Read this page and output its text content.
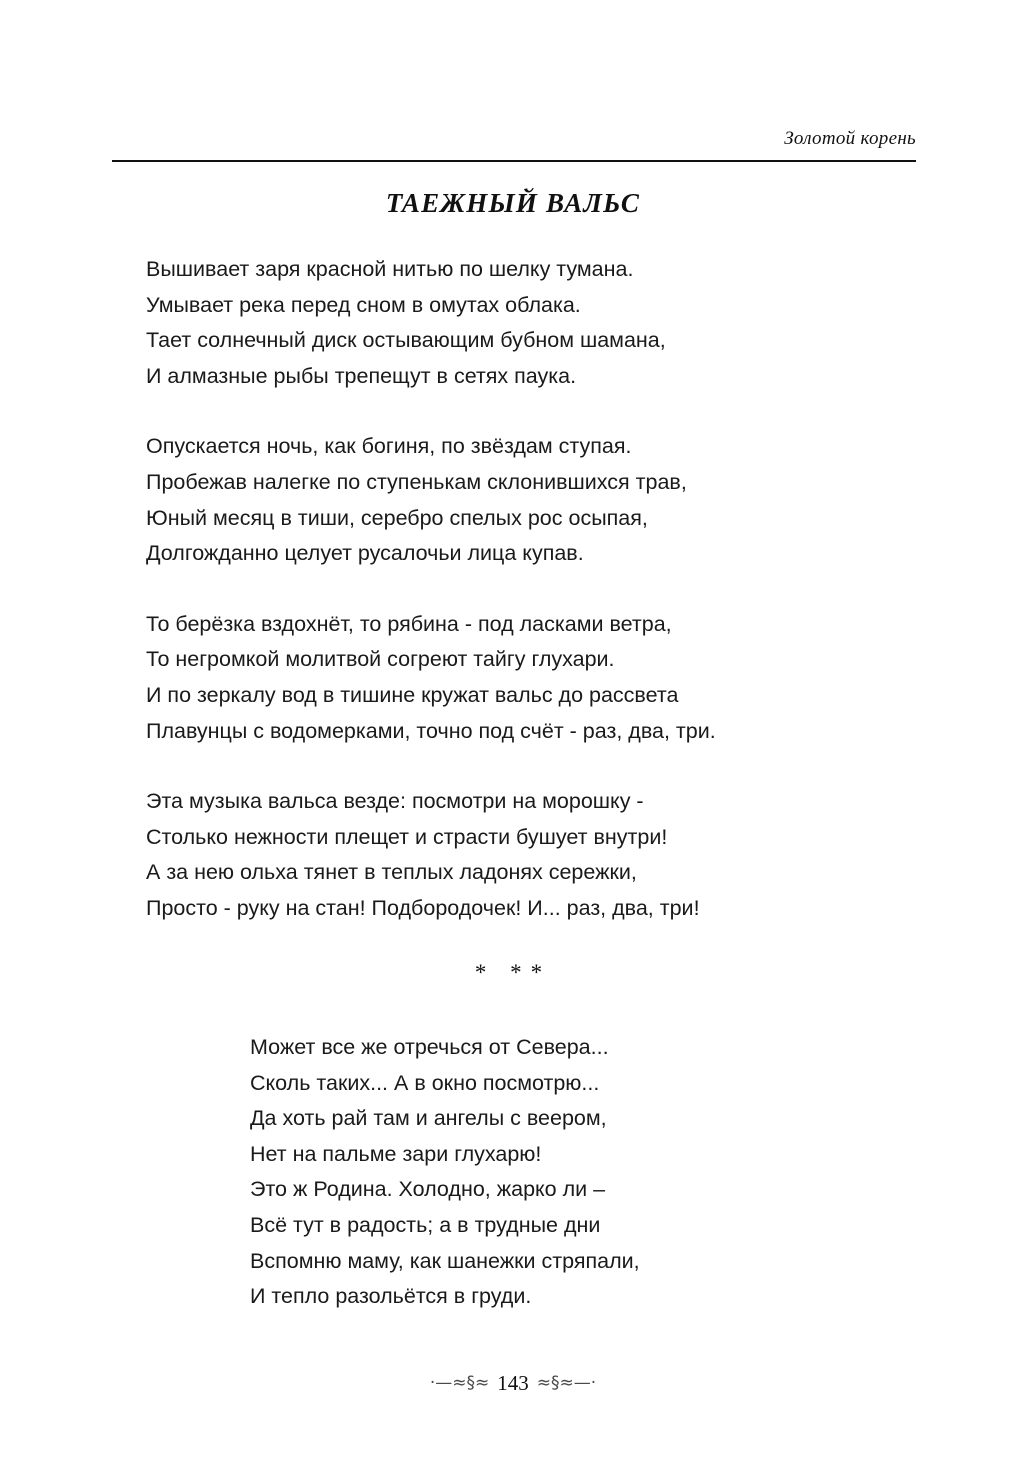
Золотой корень
ТАЕЖНЫЙ ВАЛЬС
Вышивает заря красной нитью по шелку тумана.
Умывает река перед сном в омутах облака.
Тает солнечный диск остывающим бубном шамана,
И алмазные рыбы трепещут в сетях паука.
Опускается ночь, как богиня, по звёздам ступая.
Пробежав налегке по ступенькам склонившихся трав,
Юный месяц в тиши, серебро спелых рос осыпая,
Долгожданно целует русалочьи лица купав.
То берёзка вздохнёт, то рябина - под ласками ветра,
То негромкой молитвой согреют тайгу глухари.
И по зеркалу вод в тишине кружат вальс до рассвета
Плавунцы с водомерками, точно под счёт - раз, два, три.
Эта музыка вальса везде: посмотри на морошку -
Столько нежности плещет и страсти бушует внутри!
А за нею ольха тянет в теплых ладонях сережки,
Просто - руку на стан! Подбородочек! И... раз, два, три!
* **
Может все же отречься от Севера...
Сколь таких... А в окно посмотрю...
Да хоть рай там и ангелы с веером,
Нет на пальме зари глухарю!
Это ж Родина. Холодно, жарко ли –
Всё тут в радость; а в трудные дни
Вспомню маму, как шанежки стряпали,
И тепло разольётся в груди.
·—≈§≈ 143 ≈§≈—·
